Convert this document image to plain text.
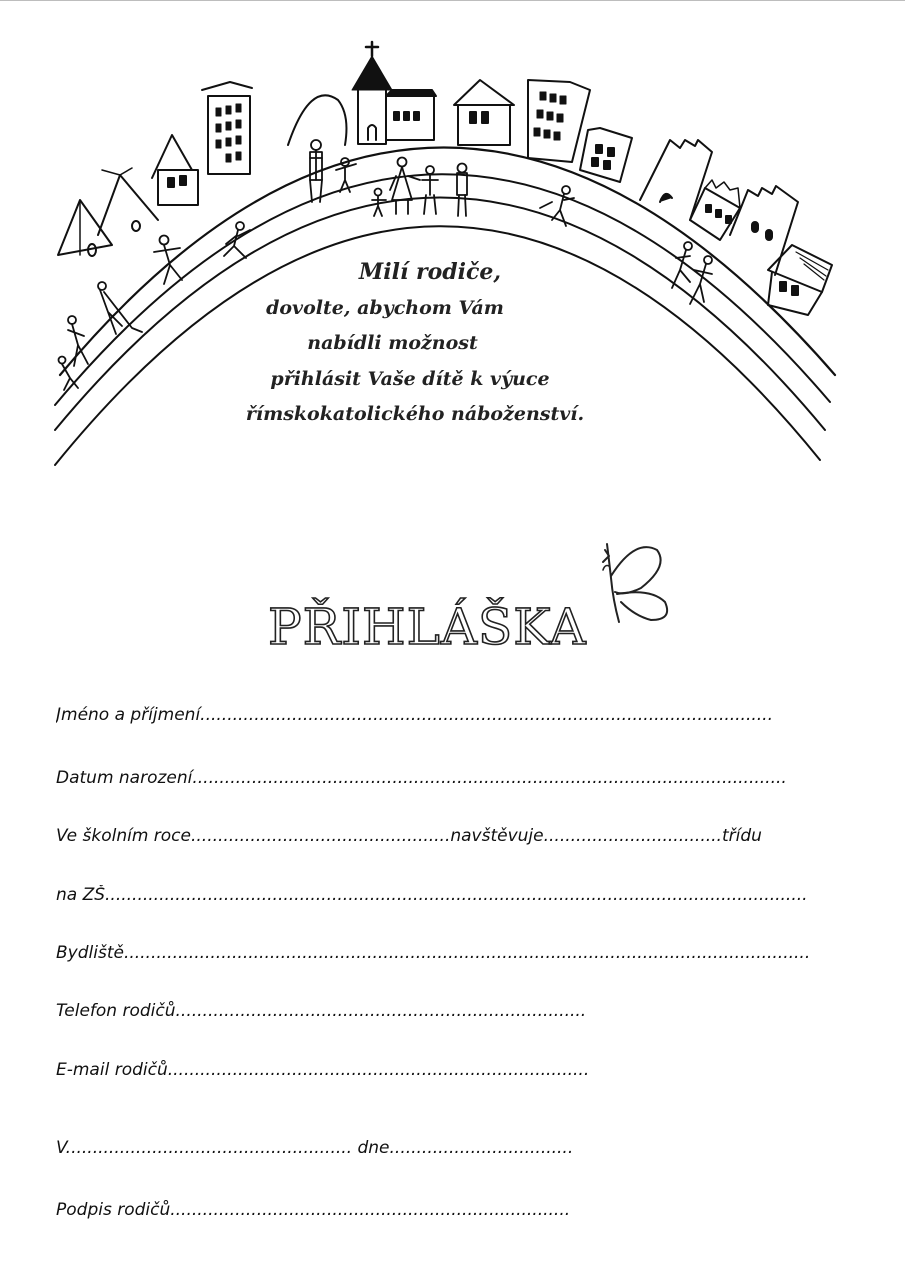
Milí rodiče,
dovolte, abychom Vám
nabídli možnost
přihlásit Vaše dítě k výuce
římskokatolického náboženství.
PŘIHLÁŠKA
Jméno a příjmení..........................................................................................................
Datum narození..............................................................................................................
Ve školním roce................................................navštěvuje.................................třídu
na ZŠ..................................................................................................................................
Bydliště...............................................................................................................................
Telefon rodičů............................................................................
E-mail rodičů..............................................................................
V..................................................... dne..................................
Podpis rodičů..........................................................................
